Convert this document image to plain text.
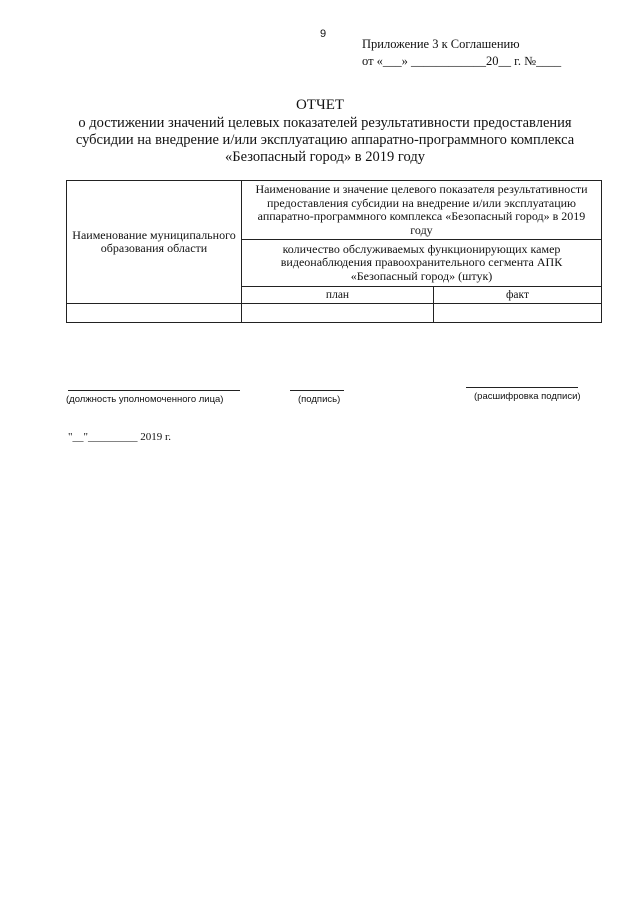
9
Приложение 3 к Соглашению
от «___» ____________20__ г. №____
ОТЧЕТ
о достижении значений целевых показателей результативности предоставления
субсидии на внедрение и/или эксплуатацию аппаратно-программного комплекса
«Безопасный город» в 2019 году
Наименование муниципального образования области	Наименование и значение целевого показателя результативности предоставления субсидии на внедрение и/или эксплуатацию аппаратно-программного комплекса «Безопасный город» в 2019 году	
	количество обслуживаемых функционирующих камер видеонаблюдения правоохранительного сегмента АПК «Безопасный город» (штук)	
	план	факт

(должность уполномоченного лица)	(подпись)	(расшифровка подписи)
"__"_________ 2019 г.
